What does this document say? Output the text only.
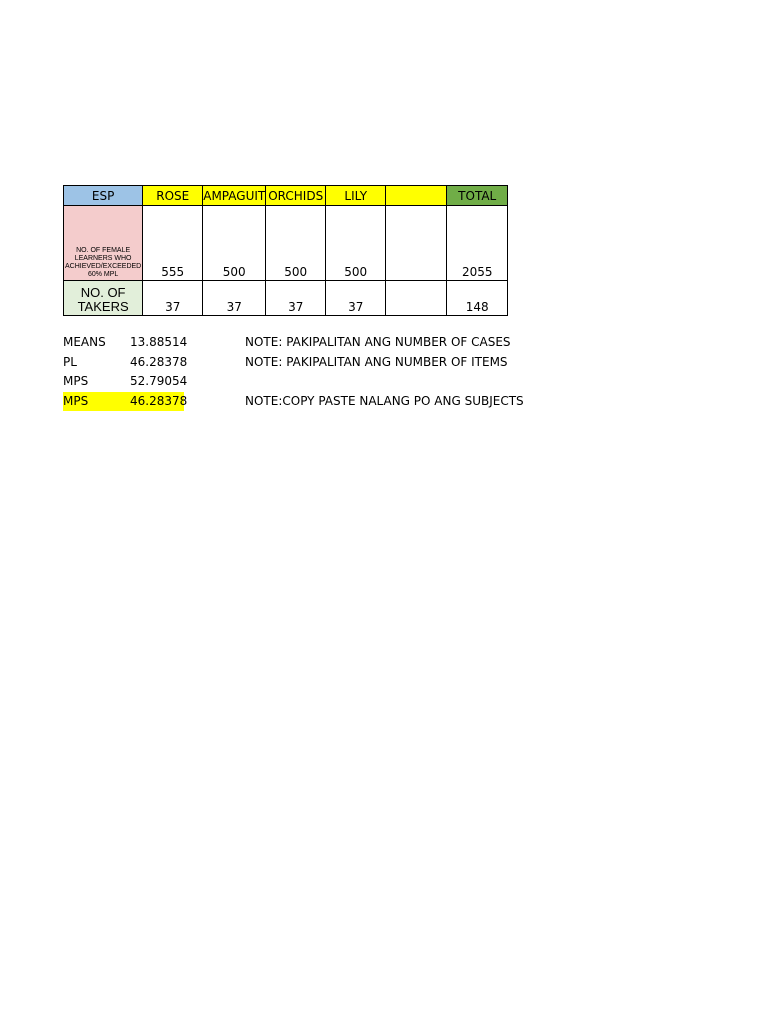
ESP	ROSE	AMPAGUIT	ORCHIDS	LILY		TOTAL
NO. OF FEMALE LEARNERS WHO ACHIEVED/EXCEEDED 60% MPL	555	500	500	500		2055
NO. OF TAKERS	37	37	37	37		148
MEANS 13.88514
PL	46.28378
MPS	52.79054
MPS	46.28378
NOTE: PAKIPALITAN ANG NUMBER OF CASES
NOTE: PAKIPALITAN ANG NUMBER OF ITEMS
NOTE:COPY PASTE NALANG PO ANG SUBJECTS
